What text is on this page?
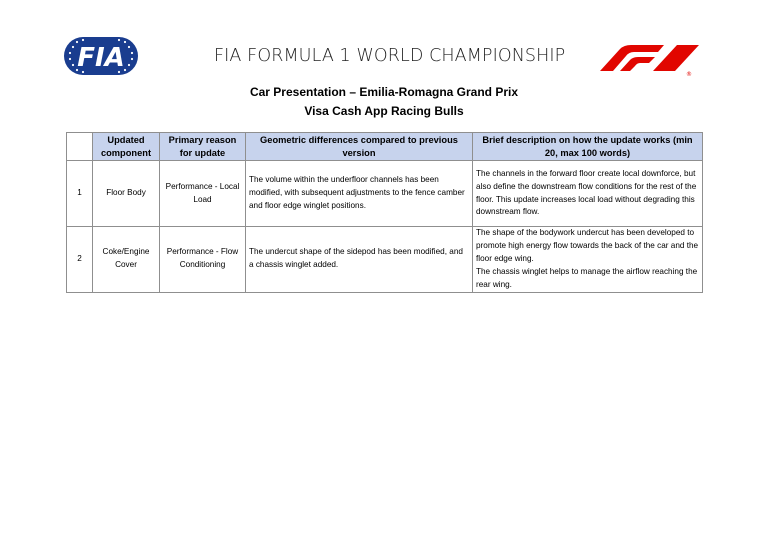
FIA	FIA FORMULA 1 WORLD CHAMPIONSHIP
®
Car Presentation – Emilia-Romagna Grand Prix
Visa Cash App Racing Bulls
	Updated component	Primary reason for update	Geometric differences compared to previous version	Brief description on how the update works (min 20, max 100 words)
1	Floor Body	Performance - Local Load	The volume within the underfloor channels has been modified, with subsequent adjustments to the fence camber and floor edge winglet positions.	The channels in the forward floor create local downforce, but also define the downstream flow conditions for the rest of the floor. This update increases local load without degrading this downstream flow.

2	Coke/Engine Cover	Performance - Flow Conditioning	The undercut shape of the sidepod has been modified, and a chassis winglet added.	The shape of the bodywork undercut has been developed to promote high energy flow towards the back of the car and the floor edge wing.
The chassis winglet helps to manage the airflow reaching the rear wing.
